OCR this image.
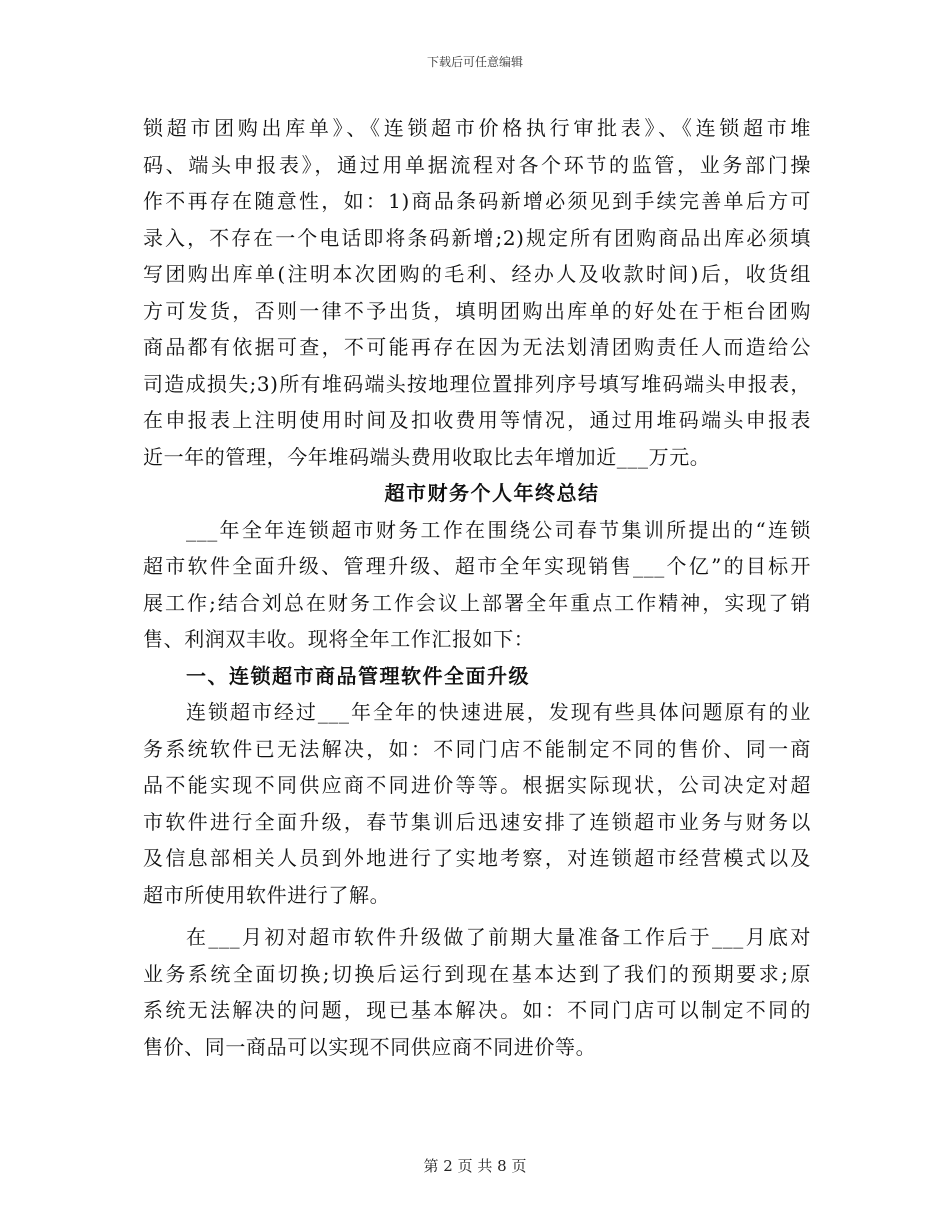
下载后可任意编辑
锁超市团购出库单》、《连锁超市价格执行审批表》、《连锁超市堆
码、端头申报表》，通过用单据流程对各个环节的监管，业务部门操
作不再存在随意性，如：1)商品条码新增必须见到手续完善单后方可
录入，不存在一个电话即将条码新增;2)规定所有团购商品出库必须填
写团购出库单(注明本次团购的毛利、经办人及收款时间)后，收货组
方可发货，否则一律不予出货，填明团购出库单的好处在于柜台团购
商品都有依据可查，不可能再存在因为无法划清团购责任人而造给公
司造成损失;3)所有堆码端头按地理位置排列序号填写堆码端头申报表，
在申报表上注明使用时间及扣收费用等情况，通过用堆码端头申报表
近一年的管理，今年堆码端头费用收取比去年增加近___万元。
超市财务个人年终总结
___年全年连锁超市财务工作在围绕公司春节集训所提出的“连锁
超市软件全面升级、管理升级、超市全年实现销售___个亿”的目标开
展工作;结合刘总在财务工作会议上部署全年重点工作精神，实现了销
售、利润双丰收。现将全年工作汇报如下：
一、连锁超市商品管理软件全面升级
连锁超市经过___年全年的快速进展，发现有些具体问题原有的业
务系统软件已无法解决，如：不同门店不能制定不同的售价、同一商
品不能实现不同供应商不同进价等等。根据实际现状，公司决定对超
市软件进行全面升级，春节集训后迅速安排了连锁超市业务与财务以
及信息部相关人员到外地进行了实地考察，对连锁超市经营模式以及
超市所使用软件进行了解。
在___月初对超市软件升级做了前期大量准备工作后于___月底对
业务系统全面切换;切换后运行到现在基本达到了我们的预期要求;原
系统无法解决的问题，现已基本解决。如：不同门店可以制定不同的
售价、同一商品可以实现不同供应商不同进价等。
第 2 页 共 8 页
